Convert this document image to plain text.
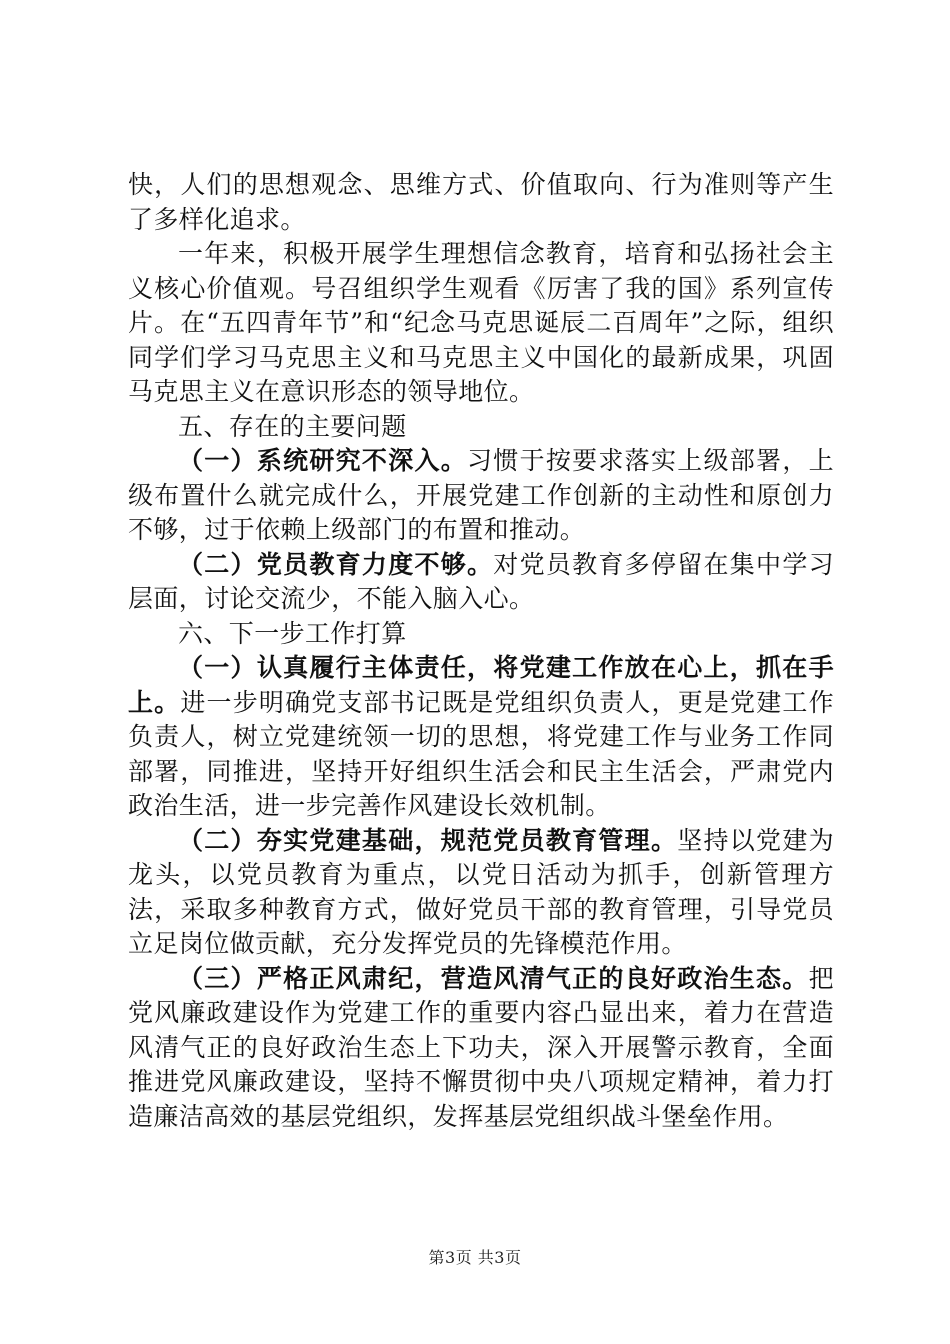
快，人们的思想观念、思维方式、价值取向、行为准则等产生了多样化追求。

一年来，积极开展学生理想信念教育，培育和弘扬社会主义核心价值观。号召组织学生观看《厉害了我的国》系列宣传片。在“五四青年节”和“纪念马克思诞辰二百周年”之际，组织同学们学习马克思主义和马克思主义中国化的最新成果，巩固马克思主义在意识形态的领导地位。

五、存在的主要问题

（一）系统研究不深入。习惯于按要求落实上级部署，上级布置什么就完成什么，开展党建工作创新的主动性和原创力不够，过于依赖上级部门的布置和推动。

（二）党员教育力度不够。对党员教育多停留在集中学习层面，讨论交流少，不能入脑入心。

六、下一步工作打算

（一）认真履行主体责任，将党建工作放在心上，抓在手上。进一步明确党支部书记既是党组织负责人，更是党建工作负责人，树立党建统领一切的思想，将党建工作与业务工作同部署，同推进，坚持开好组织生活会和民主生活会，严肃党内政治生活，进一步完善作风建设长效机制。

（二）夯实党建基础，规范党员教育管理。坚持以党建为龙头，以党员教育为重点，以党日活动为抓手，创新管理方法，采取多种教育方式，做好党员干部的教育管理，引导党员立足岗位做贡献，充分发挥党员的先锋模范作用。

（三）严格正风肃纪，营造风清气正的良好政治生态。把党风廉政建设作为党建工作的重要内容凸显出来，着力在营造风清气正的良好政治生态上下功夫，深入开展警示教育，全面推进党风廉政建设，坚持不懈贯彻中央八项规定精神，着力打造廉洁高效的基层党组织，发挥基层党组织战斗堡垒作用。

第3页 共3页
